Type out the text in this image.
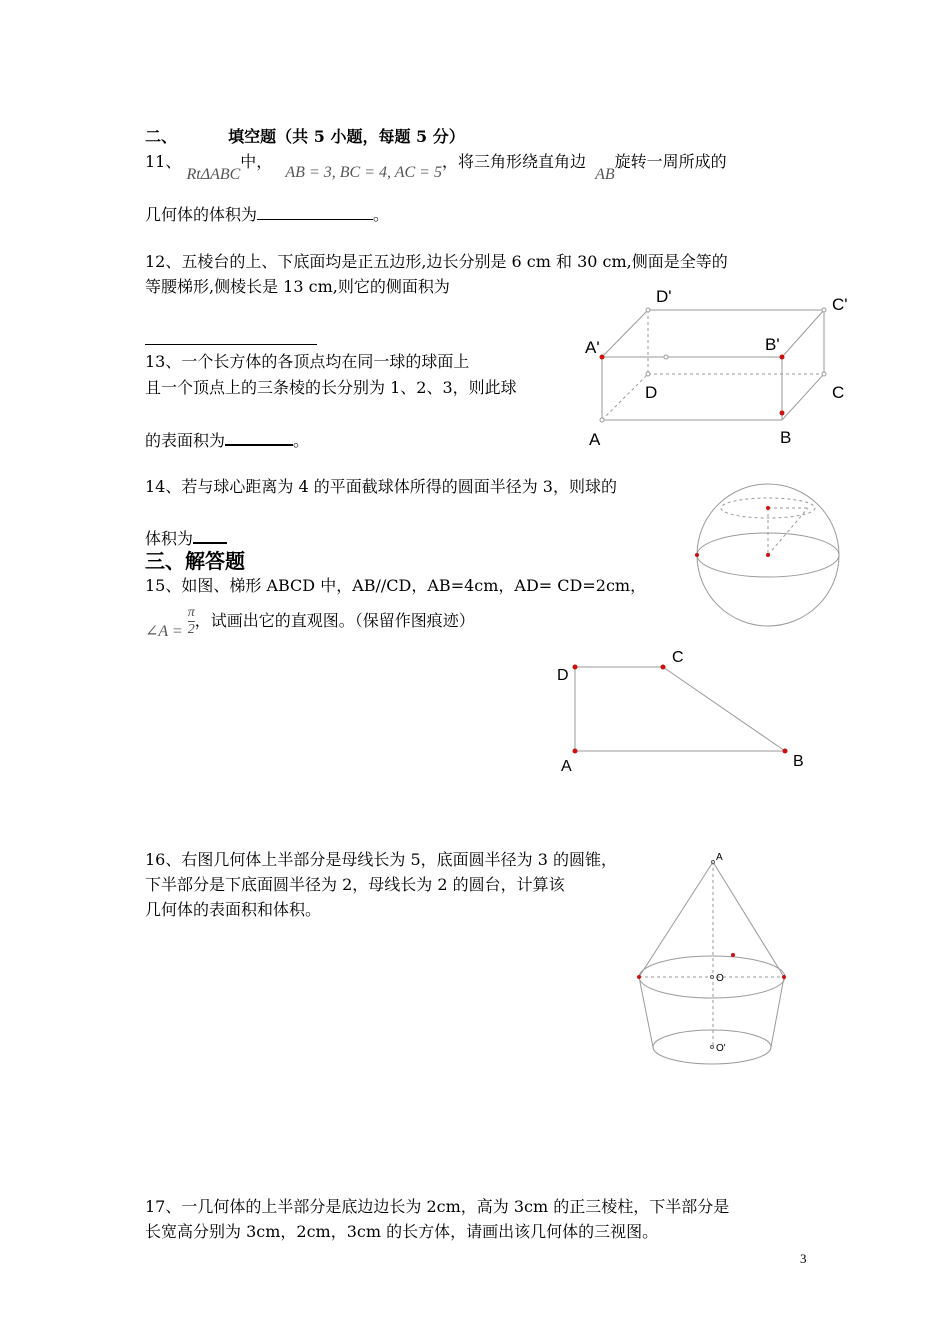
二、	填空题（共 5 小题，每题 5 分）
11、 RtΔABC中， AB = 3, BC = 4, AC = 5，将三角形绕直角边 AB旋转一周所成的
几何体的体积为	。
12、五棱台的上、下底面均是正五边形,边长分别是 6 cm 和 30 cm,侧面是全等的
等腰梯形,侧棱长是 13 cm,则它的侧面积为
13、一个长方体的各顶点均在同一球的球面上
且一个顶点上的三条棱的长分别为 1、2、3，则此球
的表面积为	。
D'	C'
A'	B'
D	C
A	B
14、若与球心距离为 4 的平面截球体所得的圆面半径为 3，则球的
体积为
三、解答题
15、如图、梯形 ABCD 中，AB//CD，AB=4cm，AD= CD=2cm，
∠A = $\frac{\pi}{2}$ ，试画出它的直观图。（保留作图痕迹）
D
C
A	B
16、右图几何体上半部分是母线长为 5，底面圆半径为 3 的圆锥，
下半部分是下底面圆半径为 2，母线长为 2 的圆台，计算该
几何体的表面积和体积。
A
O
O'
17、一几何体的上半部分是底边边长为 2cm，高为 3cm 的正三棱柱，下半部分是
长宽高分别为 3cm，2cm，3cm 的长方体，请画出该几何体的三视图。
3
